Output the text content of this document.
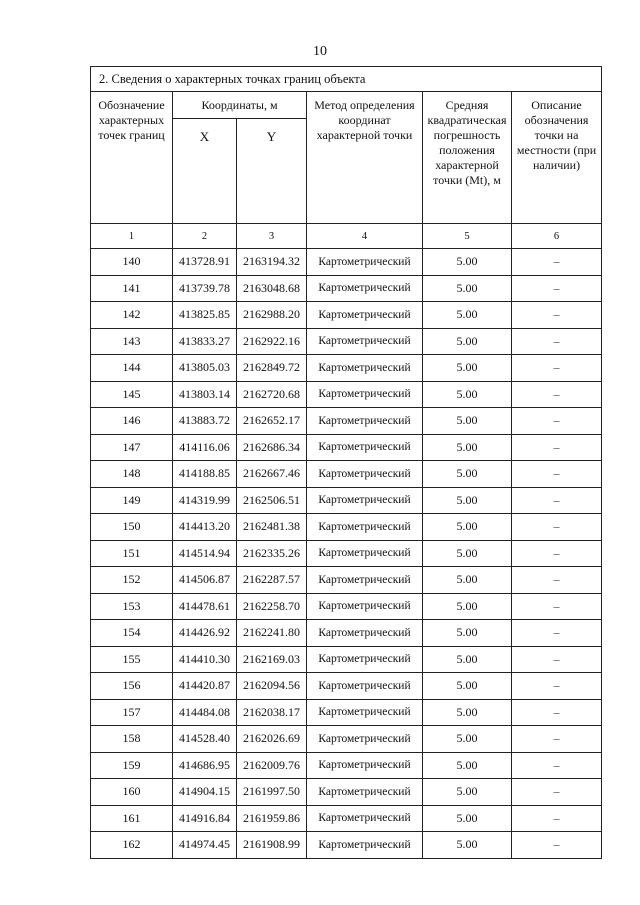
10
2. Сведения о характерных точках границ объекта					
Обозначение характерных точек границ	Координаты, м		Метод определения координат характерной точки	Средняя квадратическая погрешность положения характерной точки (Mt), м	Описание обозначения точки на местности (при наличии)
	X	Y			
1	2	3	4	5	6
140	413728.91	2163194.32	Картометрический	5.00	–
141	413739.78	2163048.68	Картометрический	5.00	–
142	413825.85	2162988.20	Картометрический	5.00	–
143	413833.27	2162922.16	Картометрический	5.00	–
144	413805.03	2162849.72	Картометрический	5.00	–
145	413803.14	2162720.68	Картометрический	5.00	–
146	413883.72	2162652.17	Картометрический	5.00	–
147	414116.06	2162686.34	Картометрический	5.00	–
148	414188.85	2162667.46	Картометрический	5.00	–
149	414319.99	2162506.51	Картометрический	5.00	–
150	414413.20	2162481.38	Картометрический	5.00	–
151	414514.94	2162335.26	Картометрический	5.00	–
152	414506.87	2162287.57	Картометрический	5.00	–
153	414478.61	2162258.70	Картометрический	5.00	–
154	414426.92	2162241.80	Картометрический	5.00	–
155	414410.30	2162169.03	Картометрический	5.00	–
156	414420.87	2162094.56	Картометрический	5.00	–
157	414484.08	2162038.17	Картометрический	5.00	–
158	414528.40	2162026.69	Картометрический	5.00	–
159	414686.95	2162009.76	Картометрический	5.00	–
160	414904.15	2161997.50	Картометрический	5.00	–
161	414916.84	2161959.86	Картометрический	5.00	–
162	414974.45	2161908.99	Картометрический	5.00	–
